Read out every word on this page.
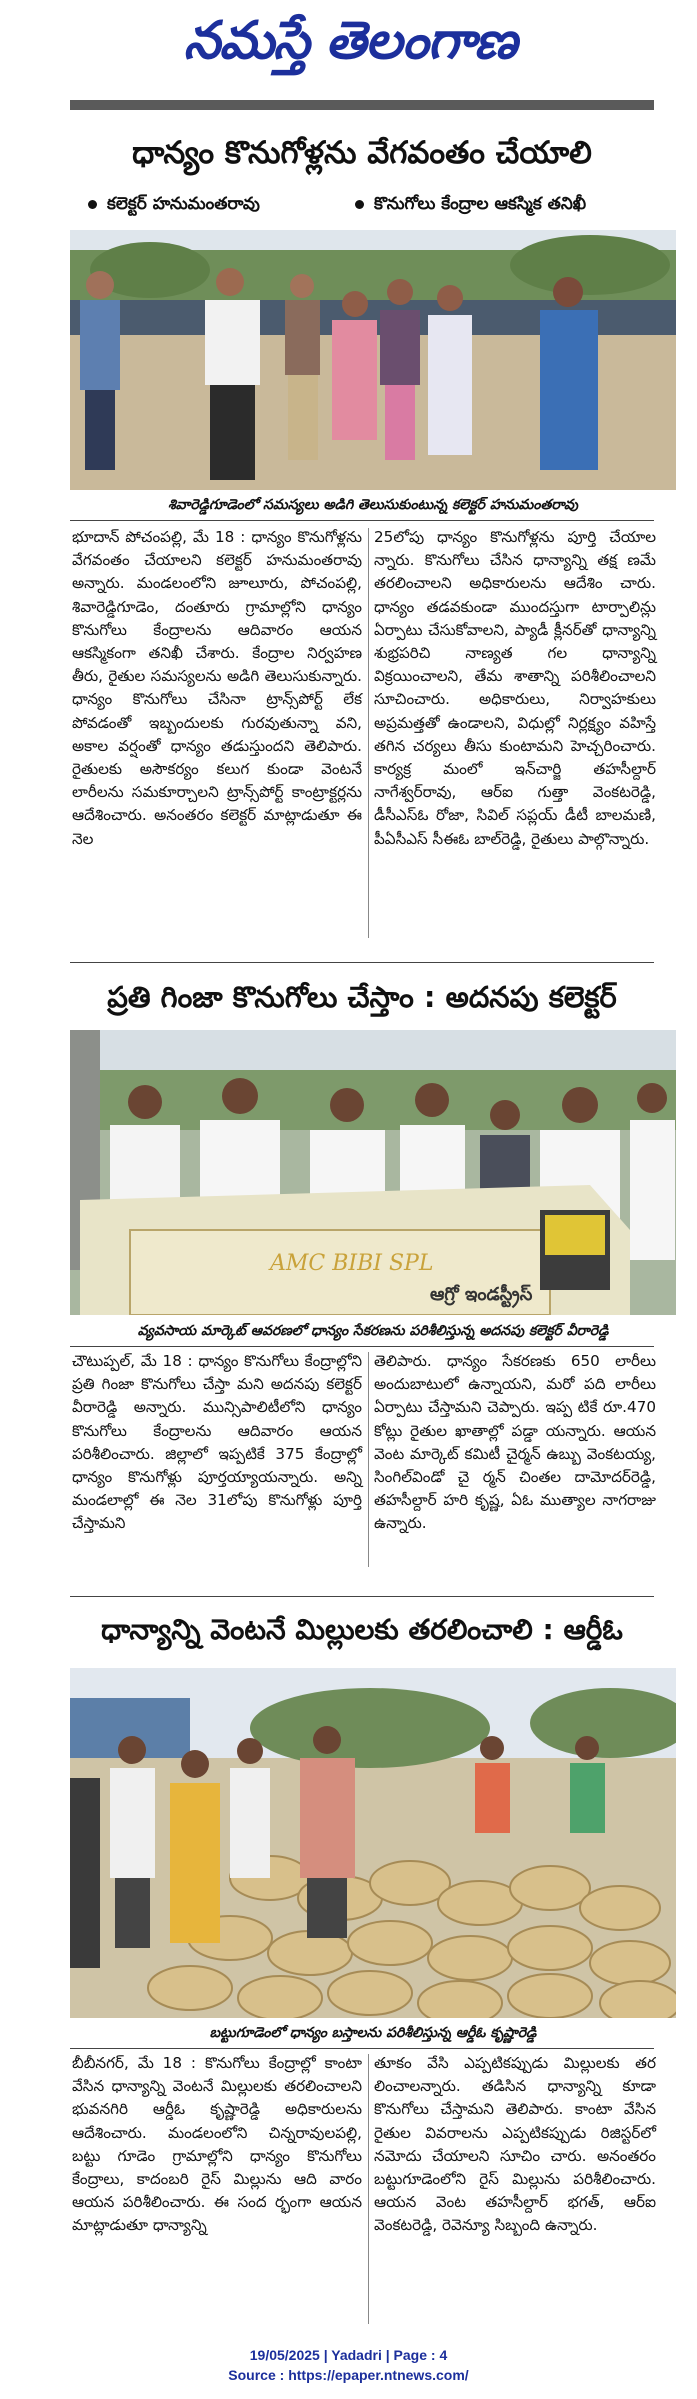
నమస్తే తెలంగాణ
ధాన్యం కొనుగోళ్లను వేగవంతం చేయాలి
కలెక్టర్ హనుమంతరావు	కొనుగోలు కేంద్రాల ఆకస్మిక తనిఖీ
శివారెడ్డిగూడెంలో సమస్యలు అడిగి తెలుసుకుంటున్న కలెక్టర్ హనుమంతరావు
భూదాన్ పోచంపల్లి, మే 18 : ధాన్యం కొనుగోళ్లను వేగవంతం చేయాలని కలెక్టర్ హనుమంతరావు అన్నారు. మండలంలోని జూలూరు, పోచంపల్లి, శివారెడ్డిగూడెం, దంతూరు గ్రామాల్లోని ధాన్యం కొనుగోలు కేంద్రాలను ఆదివారం ఆయన ఆకస్మికంగా తనిఖీ చేశారు. కేంద్రాల నిర్వహణ తీరు, రైతుల సమస్యలను అడిగి తెలుసుకున్నారు. ధాన్యం కొనుగోలు చేసినా ట్రాన్స్‌పోర్ట్ లేక పోవడంతో ఇబ్బందులకు గురవుతున్నా వని, అకాల వర్షంతో ధాన్యం తడుస్తుందని తెలిపారు. రైతులకు అసౌకర్యం కలుగ కుండా వెంటనే లారీలను సమకూర్చాలని ట్రాన్స్‌పోర్ట్ కాంట్రాక్టర్లను ఆదేశించారు. అనంతరం కలెక్టర్ మాట్లాడుతూ ఈ నెల
25లోపు ధాన్యం కొనుగోళ్లను పూర్తి చేయాల న్నారు. కొనుగోలు చేసిన ధాన్యాన్ని తక్ష ణమే తరలించాలని అధికారులను ఆదేశిం చారు. ధాన్యం తడవకుండా ముందస్తుగా టార్పాలిన్లు ఏర్పాటు చేసుకోవాలని, ప్యాడీ క్లీనర్‌తో ధాన్యాన్ని శుభ్రపరిచి నాణ్యత గల ధాన్యాన్ని విక్రయించాలని, తేమ శాతాన్ని పరిశీలించాలని సూచించారు. అధికారులు, నిర్వాహకులు అప్రమత్తతో ఉండాలని, విధుల్లో నిర్లక్ష్యం వహిస్తే తగిన చర్యలు తీసు కుంటామని హెచ్చరించారు. కార్యక్ర మంలో ఇన్‌చార్జి తహసీల్దార్ నాగేశ్వర్‌రావు, ఆర్ఐ గుత్తా వెంకటరెడ్డి, డీసీఎస్ఓ రోజా, సివిల్ సప్లయ్ డీటీ బాలమణి, పీఏసీఎస్ సీఈఓ బాల్‌రెడ్డి, రైతులు పాల్గొన్నారు.
ప్రతి గింజా కొనుగోలు చేస్తాం : అదనపు కలెక్టర్
AMC BIBI SPL
ఆగ్రో ఇండస్ట్రీస్
వ్యవసాయ మార్కెట్ ఆవరణలో ధాన్యం సేకరణను పరిశీలిస్తున్న అదనపు కలెక్టర్ వీరారెడ్డి
చౌటుప్పల్, మే 18 : ధాన్యం కొనుగోలు కేంద్రాల్లోని ప్రతి గింజా కొనుగోలు చేస్తా మని అదనపు కలెక్టర్ వీరారెడ్డి అన్నారు. మున్సిపాలిటీలోని ధాన్యం కొనుగోలు కేంద్రాలను ఆదివారం ఆయన పరిశీలించారు. జిల్లాలో ఇప్పటికే 375 కేంద్రాల్లో ధాన్యం కొనుగోళ్లు పూర్తయ్యాయన్నారు. అన్ని మండలాల్లో ఈ నెల 31లోపు కొనుగోళ్లు పూర్తి చేస్తామని
తెలిపారు. ధాన్యం సేకరణకు 650 లారీలు అందుబాటులో ఉన్నాయని, మరో పది లారీలు ఏర్పాటు చేస్తామని చెప్పారు. ఇప్ప టికే రూ.470 కోట్లు రైతుల ఖాతాల్లో పడ్డా యన్నారు. ఆయన వెంట మార్కెట్ కమిటీ చైర్మన్ ఉబ్బు వెంకటయ్య, సింగిల్‌విండో చై ర్మన్ చింతల దామోదర్‌రెడ్డి, తహసీల్దార్ హరి కృష్ణ, ఏఓ ముత్యాల నాగరాజు ఉన్నారు.
ధాన్యాన్ని వెంటనే మిల్లులకు తరలించాలి : ఆర్డీఓ
బట్టుగూడెంలో ధాన్యం బస్తాలను పరిశీలిస్తున్న ఆర్డీఓ కృష్ణారెడ్డి
బీబీనగర్, మే 18 : కొనుగోలు కేంద్రాల్లో కాంటా వేసిన ధాన్యాన్ని వెంటనే మిల్లులకు తరలించాలని భువనగిరి ఆర్డీఓ కృష్ణారెడ్డి అధికారులను ఆదేశించారు. మండలంలోని చిన్నరావులపల్లి, బట్టు గూడెం గ్రామాల్లోని ధాన్యం కొనుగోలు కేంద్రాలు, కాదంబరి రైస్ మిల్లును ఆది వారం ఆయన పరిశీలించారు. ఈ సంద ర్భంగా ఆయన మాట్లాడుతూ ధాన్యాన్ని
తూకం వేసి ఎప్పటికప్పుడు మిల్లులకు తర లించాలన్నారు. తడిసిన ధాన్యాన్ని కూడా కొనుగోలు చేస్తామని తెలిపారు. కాంటా వేసిన రైతుల వివరాలను ఎప్పటికప్పుడు రిజిస్టర్‌లో నమోదు చేయాలని సూచిం చారు. అనంతరం బట్టుగూడెంలోని రైస్ మిల్లును పరిశీలించారు. ఆయన వెంట తహసీల్దార్ భగత్, ఆర్ఐ వెంకటరెడ్డి, రెవెన్యూ సిబ్బంది ఉన్నారు.
19/05/2025 | Yadadri | Page : 4
Source : https://epaper.ntnews.com/
